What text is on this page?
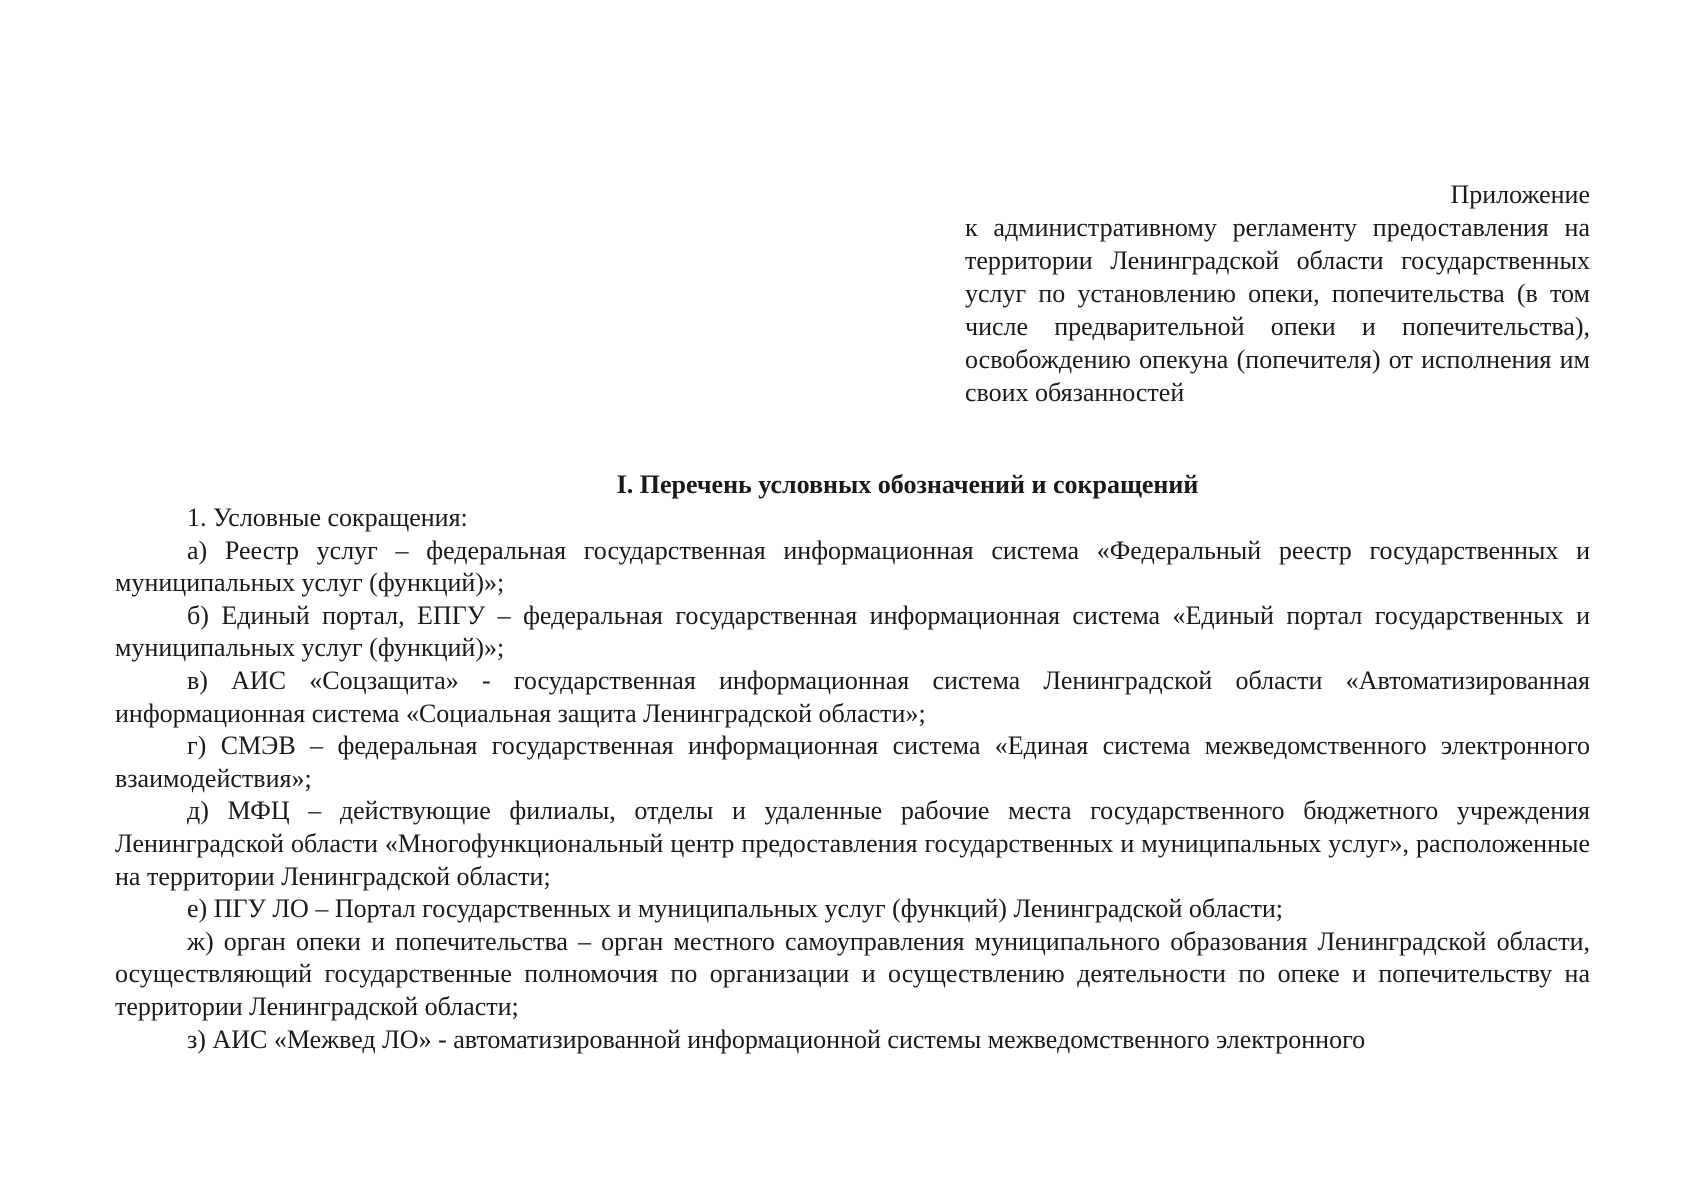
Приложение
к административному регламенту предоставления на территории Ленинградской области государственных услуг по установлению опеки, попечительства (в том числе предварительной опеки и попечительства), освобождению опекуна (попечителя) от исполнения им своих обязанностей
I. Перечень условных обозначений и сокращений

1. Условные сокращения:

а) Реестр услуг – федеральная государственная информационная система «Федеральный реестр государственных и муниципальных услуг (функций)»;

б) Единый портал, ЕПГУ – федеральная государственная информационная система «Единый портал государственных и муниципальных услуг (функций)»;

в) АИС «Соцзащита» - государственная информационная система Ленинградской области «Автоматизированная информационная система «Социальная защита Ленинградской области»;

г) СМЭВ – федеральная государственная информационная система «Единая система межведомственного электронного взаимодействия»;

д) МФЦ – действующие филиалы, отделы и удаленные рабочие места государственного бюджетного учреждения Ленинградской области «Многофункциональный центр предоставления государственных и муниципальных услуг», расположенные на территории Ленинградской области;

е) ПГУ ЛО – Портал государственных и муниципальных услуг (функций) Ленинградской области;

ж) орган опеки и попечительства – орган местного самоуправления муниципального образования Ленинградской области, осуществляющий государственные полномочия по организации и осуществлению деятельности по опеке и попечительству на территории Ленинградской области;

з) АИС «Межвед ЛО» - автоматизированной информационной системы межведомственного электронного
